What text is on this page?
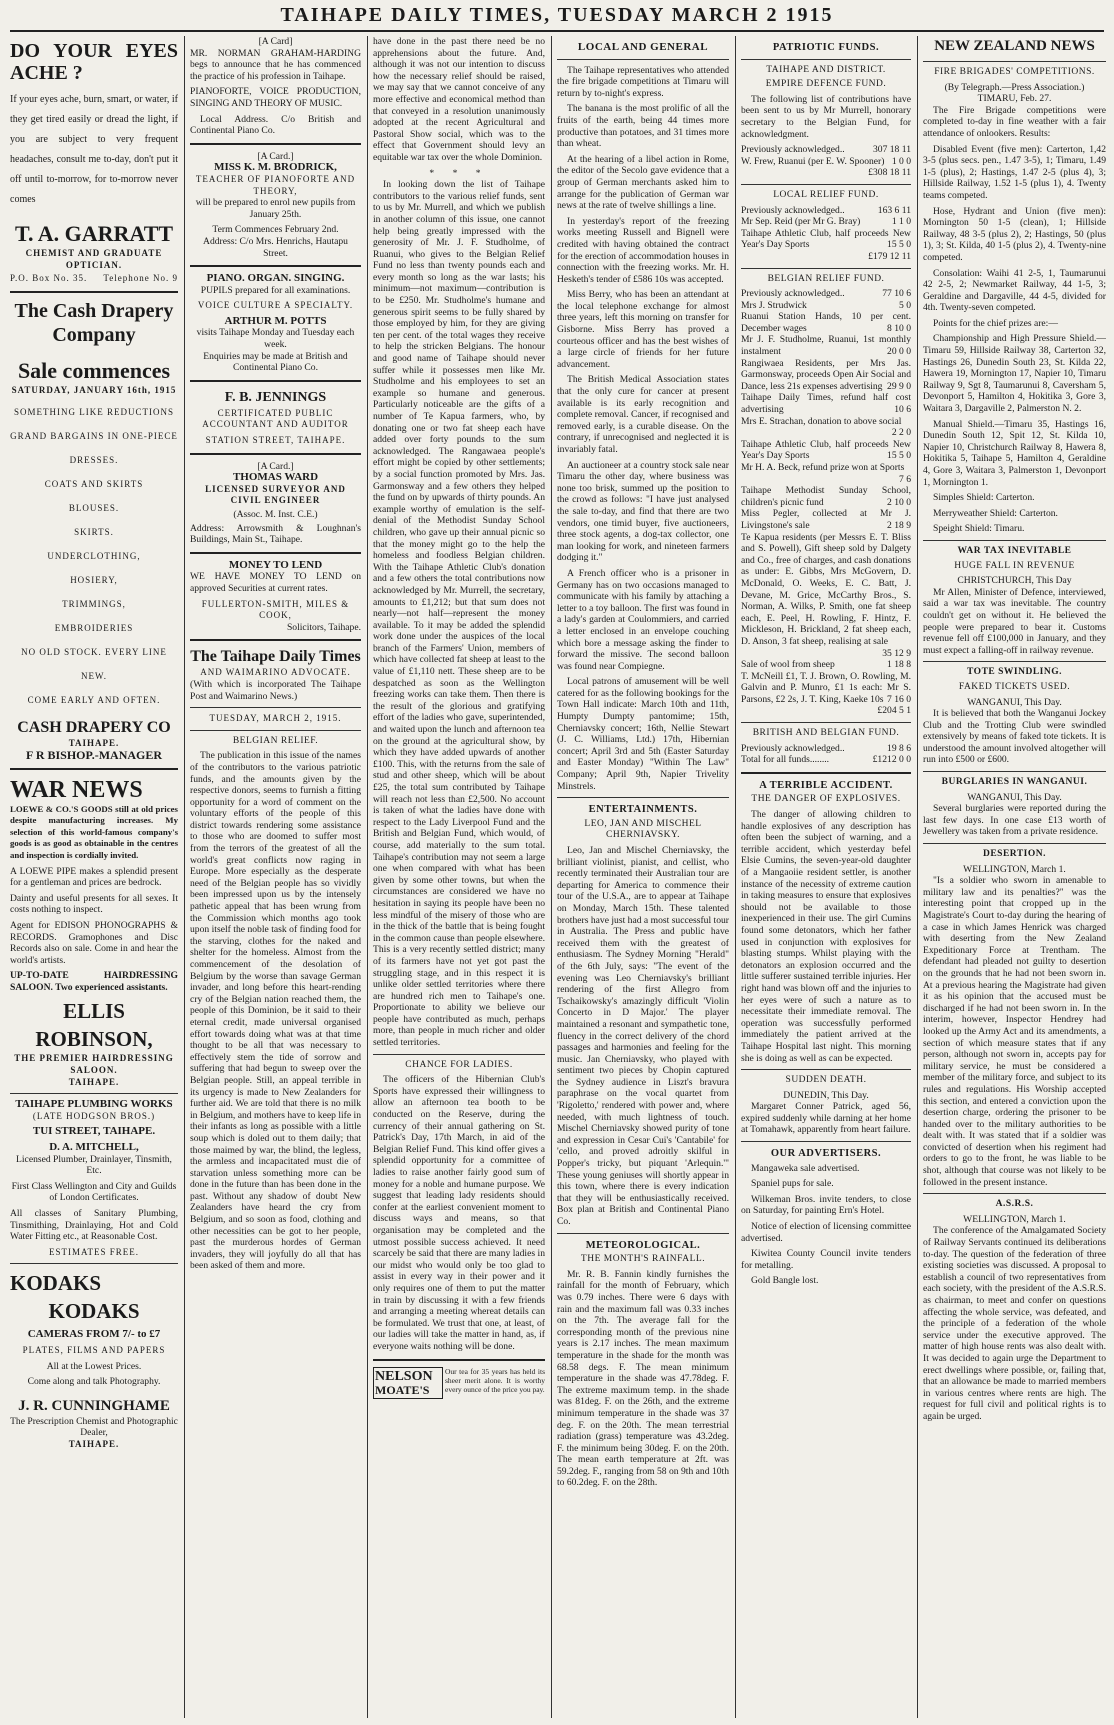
TAIHAPE DAILY TIMES, TUESDAY MARCH 2 1915
DO YOUR EYES ACHE ?
If your eyes ache, burn, smart, or water, if they get tired easily or dread the light, if you are subject to very frequent headaches, consult me to-day, don't put it off until to-morrow, for to-morrow never comes
T. A. GARRATT
CHEMIST AND GRADUATE OPTICIAN.
P.O. Box No. 35. Telephone No. 9
The Cash Drapery Company
Sale commences
SATURDAY, JANUARY 16th, 1915
SOMETHING LIKE REDUCTIONS
GRAND BARGAINS IN ONE-PIECE DRESSES.
COATS AND SKIRTS
BLOUSES.
SKIRTS.
UNDERCLOTHING,
HOSIERY,
TRIMMINGS,
EMBROIDERIES
NO OLD STOCK. EVERY LINE NEW.
COME EARLY AND OFTEN.
CASH DRAPERY CO
TAIHAPE.
F R BISHOP.-MANAGER
WAR NEWS

LOEWE & CO.'S GOODS still at old prices despite manufacturing increases. My selection of this world-famous company's goods is as good as obtainable in the centres and inspection is cordially invited.

A LOEWE PIPE makes a splendid present for a gentleman and prices are bedrock.

Dainty and useful presents for all sexes. It costs nothing to inspect.

Agent for EDISON PHONOGRAPHS & RECORDS. Gramophones and Disc Records also on sale. Come in and hear the world's artists.

UP-TO-DATE HAIRDRESSING SALOON. Two experienced assistants.

ELLIS ROBINSON,
THE PREMIER HAIRDRESSING SALOON.
TAIHAPE.
TAIHAPE PLUMBING WORKS
(LATE HODGSON BROS.)
TUI STREET, TAIHAPE.
D. A. MITCHELL,
Licensed Plumber, Drainlayer, Tinsmith, Etc.

First Class Wellington and City and Guilds of London Certificates.

All classes of Sanitary Plumbing, Tinsmithing, Drainlaying, Hot and Cold Water Fitting etc., at Reasonable Cost.

ESTIMATES FREE.
KODAKS
KODAKS
CAMERAS FROM 7/- to £7
PLATES, FILMS AND PAPERS
All at the Lowest Prices.
Come along and talk Photography.
J. R. CUNNINGHAME
The Prescription Chemist and Photographic Dealer,
TAIHAPE.
[A Card]

MR. NORMAN GRAHAM-HARDING begs to announce that he has commenced the practice of his profession in Taihape.

PIANOFORTE, VOICE PRODUCTION, SINGING AND THEORY OF MUSIC.

Local Address. C/o British and Continental Piano Co.

[A Card.]
MISS K. M. BRODRICK,
TEACHER OF PIANOFORTE AND THEORY,

will be prepared to enrol new pupils from January 25th.

Term Commences February 2nd.

Address: C/o Mrs. Henrichs, Hautapu Street.

PIANO. ORGAN. SINGING.
PUPILS prepared for all examinations.
VOICE CULTURE A SPECIALTY.
ARTHUR M. POTTS
visits Taihape Monday and Tuesday each week.

Enquiries may be made at British and Continental Piano Co.

F. B. JENNINGS
CERTIFICATED PUBLIC ACCOUNTANT AND AUDITOR
STATION STREET, TAIHAPE.
[A Card.]
THOMAS WARD
LICENSED SURVEYOR AND CIVIL ENGINEER
(Assoc. M. Inst. C.E.)

Address: Arrowsmith & Loughnan's Buildings, Main St., Taihape.

MONEY TO LEND

WE HAVE MONEY TO LEND on approved Securities at current rates.

FULLERTON-SMITH, MILES & COOK,
Solicitors, Taihape.
The Taihape Daily Times
AND WAIMARINO ADVOCATE.

(With which is incorporated The Taihape Post and Waimarino News.)

TUESDAY, MARCH 2, 1915.
BELGIAN RELIEF.

The publication in this issue of the names of the contributors to the various patriotic funds, and the amounts given by the respective donors, seems to furnish a fitting opportunity for a word of comment on the voluntary efforts of the people of this district towards rendering some assistance to those who are doomed to suffer most from the terrors of the greatest of all the world's great conflicts now raging in Europe. More especially as the desperate need of the Belgian people has so vividly been impressed upon us by the intensely pathetic appeal that has been wrung from the Commission which months ago took upon itself the noble task of finding food for the starving, clothes for the naked and shelter for the homeless. Almost from the commencement of the desolation of Belgium by the worse than savage German invader, and long before this heart-rending cry of the Belgian nation reached them, the people of this Dominion, be it said to their eternal credit, made universal organised effort towards doing what was at that time thought to be all that was necessary to effectively stem the tide of sorrow and suffering that had begun to sweep over the Belgian people. Still, an appeal terrible in its urgency is made to New Zealanders for further aid. We are told that there is no milk in Belgium, and mothers have to keep life in their infants as long as possible with a little soup which is doled out to them daily; that those maimed by war, the blind, the legless, the armless and incapacitated must die of starvation unless something more can be done in the future than has been done in the past. Without any shadow of doubt New Zealanders have heard the cry from Belgium, and so soon as food, clothing and other necessities can be got to her people, past the murderous hordes of German invaders, they will joyfully do all that has been asked of them and more.

have done in the past there need be no apprehensions about the future. And, although it was not our intention to discuss how the necessary relief should be raised, we may say that we cannot conceive of any more effective and economical method than that conveyed in a resolution unanimously adopted at the recent Agricultural and Pastoral Show social, which was to the effect that Government should levy an equitable war tax over the whole Dominion.

* * *

In looking down the list of Taihape contributors to the various relief funds, sent to us by Mr. Murrell, and which we publish in another column of this issue, one cannot help being greatly impressed with the generosity of Mr. J. F. Studholme, of Ruanui, who gives to the Belgian Relief Fund no less than twenty pounds each and every month so long as the war lasts; his minimum—not maximum—contribution is to be £250. Mr. Studholme's humane and generous spirit seems to be fully shared by those employed by him, for they are giving ten per cent. of the total wages they receive to help the stricken Belgians. The honour and good name of Taihape should never suffer while it possesses men like Mr. Studholme and his employees to set an example so humane and generous. Particularly noticeable are the gifts of a number of Te Kapua farmers, who, by donating one or two fat sheep each have added over forty pounds to the sum acknowledged. The Rangawaea people's effort might be copied by other settlements; by a social function promoted by Mrs. Jas. Garmonsway and a few others they helped the fund on by upwards of thirty pounds. An example worthy of emulation is the self-denial of the Methodist Sunday School children, who gave up their annual picnic so that the money might go to the help the homeless and foodless Belgian children. With the Taihape Athletic Club's donation and a few others the total contributions now acknowledged by Mr. Murrell, the secretary, amounts to £1,212; but that sum does not nearly—not half—represent the money available. To it may be added the splendid work done under the auspices of the local branch of the Farmers' Union, members of which have collected fat sheep at least to the value of £1,110 nett. These sheep are to be despatched as soon as the Wellington freezing works can take them. Then there is the result of the glorious and gratifying effort of the ladies who gave, superintended, and waited upon the lunch and afternoon tea on the ground at the agricultural show, by which they have added upwards of another £100. This, with the returns from the sale of stud and other sheep, which will be about £25, the total sum contributed by Taihape will reach not less than £2,500. No account is taken of what the ladies have done with respect to the Lady Liverpool Fund and the British and Belgian Fund, which would, of course, add materially to the sum total. Taihape's contribution may not seem a large one when compared with what has been given by some other towns, but when the circumstances are considered we have no hesitation in saying its people have been no less mindful of the misery of those who are in the thick of the battle that is being fought in the common cause than people elsewhere. This is a very recently settled district; many of its farmers have not yet got past the struggling stage, and in this respect it is unlike older settled territories where there are hundred rich men to Taihape's one. Proportionate to ability we believe our people have contributed as much, perhaps more, than people in much richer and older settled territories.

CHANCE FOR LADIES.

The officers of the Hibernian Club's Sports have expressed their willingness to allow an afternoon tea booth to be conducted on the Reserve, during the currency of their annual gathering on St. Patrick's Day, 17th March, in aid of the Belgian Relief Fund. This kind offer gives a splendid opportunity for a committee of ladies to raise another fairly good sum of money for a noble and humane purpose. We suggest that leading lady residents should confer at the earliest convenient moment to discuss ways and means, so that organisation may be completed and the utmost possible success achieved. It need scarcely be said that there are many ladies in our midst who would only be too glad to assist in every way in their power and it only requires one of them to put the matter in train by discussing it with a few friends and arranging a meeting whereat details can be formulated. We trust that one, at least, of our ladies will take the matter in hand, as, if everyone waits nothing will be done.

NELSON
MOATE'S
Our tea for 35 years has held its sheer merit alone. It is worthy every ounce of the price you pay.
LOCAL AND GENERAL

The Taihape representatives who attended the fire brigade competitions at Timaru will return by to-night's express.

The banana is the most prolific of all the fruits of the earth, being 44 times more productive than potatoes, and 31 times more than wheat.

At the hearing of a libel action in Rome, the editor of the Secolo gave evidence that a group of German merchants asked him to arrange for the publication of German war news at the rate of twelve shillings a line.

In yesterday's report of the freezing works meeting Russell and Bignell were credited with having obtained the contract for the erection of accommodation houses in connection with the freezing works. Mr. H. Hesketh's tender of £586 10s was accepted.

Miss Berry, who has been an attendant at the local telephone exchange for almost three years, left this morning on transfer for Gisborne. Miss Berry has proved a courteous officer and has the best wishes of a large circle of friends for her future advancement.

The British Medical Association states that the only cure for cancer at present available is its early recognition and complete removal. Cancer, if recognised and removed early, is a curable disease. On the contrary, if unrecognised and neglected it is invariably fatal.

An auctioneer at a country stock sale near Timaru the other day, where business was none too brisk, summed up the position to the crowd as follows: "I have just analysed the sale to-day, and find that there are two vendors, one timid buyer, five auctioneers, three stock agents, a dog-tax collector, one man looking for work, and nineteen farmers dodging it."

A French officer who is a prisoner in Germany has on two occasions managed to communicate with his family by attaching a letter to a toy balloon. The first was found in a lady's garden at Coulommiers, and carried a letter enclosed in an envelope couching which bore a message asking the finder to forward the missive. The second balloon was found near Compiegne.

Local patrons of amusement will be well catered for as the following bookings for the Town Hall indicate: March 10th and 11th, Humpty Dumpty pantomime; 15th, Cherniavsky concert; 16th, Nellie Stewart (J. C. Williams, Ltd.) 17th, Hibernian concert; April 3rd and 5th (Easter Saturday and Easter Monday) "Within The Law" Company; April 9th, Napier Trivelity Minstrels.

ENTERTAINMENTS.
LEO, JAN AND MISCHEL CHERNIAVSKY.

Leo, Jan and Mischel Cherniavsky, the brilliant violinist, pianist, and cellist, who recently terminated their Australian tour are departing for America to commence their tour of the U.S.A., are to appear at Taihape on Monday, March 15th. These talented brothers have just had a most successful tour in Australia. The Press and public have received them with the greatest of enthusiasm. The Sydney Morning "Herald" of the 6th July, says: "The event of the evening was Leo Cherniavsky's brilliant rendering of the first Allegro from Tschaikowsky's amazingly difficult 'Violin Concerto in D Major.' The player maintained a resonant and sympathetic tone, fluency in the correct delivery of the chord passages and harmonies and feeling for the music. Jan Cherniavsky, who played with sentiment two pieces by Chopin captured the Sydney audience in Liszt's bravura paraphrase on the vocal quartet from 'Rigoletto,' rendered with power and, where needed, with much lightness of touch. Mischel Cherniavsky showed purity of tone and expression in Cesar Cui's 'Cantabile' for 'cello, and proved adroitly skilful in Popper's tricky, but piquant 'Arlequin.'" These young geniuses will shortly appear in this town, where there is every indication that they will be enthusiastically received. Box plan at British and Continental Piano Co.

METEOROLOGICAL.
THE MONTH'S RAINFALL.

Mr. R. B. Fannin kindly furnishes the rainfall for the month of February, which was 0.79 inches. There were 6 days with rain and the maximum fall was 0.33 inches on the 7th. The average fall for the corresponding month of the previous nine years is 2.17 inches. The mean maximum temperature in the shade for the month was 68.58 degs. F. The mean minimum temperature in the shade was 47.78deg. F. The extreme maximum temp. in the shade was 81deg. F. on the 26th, and the extreme minimum temperature in the shade was 37 deg. F. on the 20th. The mean terrestrial radiation (grass) temperature was 43.2deg. F. the minimum being 30deg. F. on the 20th. The mean earth temperature at 2ft. was 59.2deg. F., ranging from 58 on 9th and 10th to 60.2deg. F. on the 28th.

PATRIOTIC FUNDS.
TAIHAPE AND DISTRICT.
EMPIRE DEFENCE FUND.

The following list of contributions have been sent to us by Mr Murrell, honorary secretary to the Belgian Fund, for acknowledgment.

Previously acknowledged..	307 18 11
W. Frew, Ruanui (per E. W. Spooner) 1 0 0
£308 18 11
LOCAL RELIEF FUND.
Previously acknowledged..	163 6 11
Mr Sep. Reid (per Mr G. Bray)	1 1 0
Taihape Athletic Club, half proceeds New Year's Day Sports	15 5 0
£179 12 11
BELGIAN RELIEF FUND.
Previously acknowledged..	77 10 6
Mrs J. Strudwick	5 0
Ruanui Station Hands, 10 per cent. December wages	8 10 0
Mr J. F. Studholme, Ruanui, 1st monthly instalment	20 0 0
Rangiwaea Residents, per Mrs Jas. Garmonsway, proceeds Open Air Social and Dance, less 21s expenses advertising 29 9 0
Taihape Daily Times, refund half cost advertising	10 6
Mrs E. Strachan, donation to above social
2 2 0
Taihape Athletic Club, half proceeds New Year's Day Sports	15 5 0
Mr H. A. Beck, refund prize won at Sports
7 6
Taihape Methodist Sunday School, children's picnic fund	2 10 0
Miss Pegler, collected at Mr J. Livingstone's sale	2 18 9
Te Kapua residents (per Messrs E. T. Bliss and S. Powell), Gift sheep sold by Dalgety and Co., free of charges, and cash donations as under: E. Gibbs, Mrs McGovern, D. McDonald, O. Weeks, E. C. Batt, J. Devane, M. Grice, McCarthy Bros., S. Norman, A. Wilks, P. Smith, one fat sheep each, E. Peel, H. Rowling, F. Hintz, F. Mickleson, H. Brickland, 2 fat sheep each, D. Anson, 3 fat sheep, realising at sale
35 12 9
Sale of wool from sheep	1 18 8
T. McNeill £1, T. J. Brown, O. Rowling, M. Galvin and P. Munro, £1 1s each: Mr S. Parsons, £2 2s, J. T. King, Kaeke 10s 7 16 0
£204 5 1
BRITISH AND BELGIAN FUND.
Previously acknowledged..	19 8 6
Total for all funds........	£1212 0 0
A TERRIBLE ACCIDENT.
THE DANGER OF EXPLOSIVES.

The danger of allowing children to handle explosives of any description has often been the subject of warning, and a terrible accident, which yesterday befel Elsie Cumins, the seven-year-old daughter of a Mangaoiie resident settler, is another instance of the necessity of extreme caution in taking measures to ensure that explosives should not be available to those inexperienced in their use. The girl Cumins found some detonators, which her father used in conjunction with explosives for blasting stumps. Whilst playing with the detonators an explosion occurred and the little sufferer sustained terrible injuries. Her right hand was blown off and the injuries to her eyes were of such a nature as to necessitate their immediate removal. The operation was successfully performed immediately the patient arrived at the Taihape Hospital last night. This morning she is doing as well as can be expected.

SUDDEN DEATH.
DUNEDIN, This Day.

Margaret Conner Patrick, aged 56, expired suddenly while darning at her home at Tomahawk, apparently from heart failure.

OUR ADVERTISERS.

Mangaweka sale advertised.

Spaniel pups for sale.

Wilkeman Bros. invite tenders, to close on Saturday, for painting Ern's Hotel.

Notice of election of licensing committee advertised.

Kiwitea County Council invite tenders for metalling.

Gold Bangle lost.

NEW ZEALAND NEWS
FIRE BRIGADES' COMPETITIONS.
(By Telegraph.—Press Association.)
TIMARU, Feb. 27.

The Fire Brigade competitions were completed to-day in fine weather with a fair attendance of onlookers. Results:

Disabled Event (five men): Carterton, 1,42 3-5 (plus secs. pen., 1.47 3-5), 1; Timaru, 1.49 1-5 (plus), 2; Hastings, 1.47 2-5 (plus 4), 3; Hillside Railway, 1.52 1-5 (plus 1), 4. Twenty teams competed.

Hose, Hydrant and Union (five men): Mornington 50 1-5 (clean), 1; Hillside Railway, 48 3-5 (plus 2), 2; Hastings, 50 (plus 1), 3; St. Kilda, 40 1-5 (plus 2), 4. Twenty-nine competed.

Consolation: Waihi 41 2-5, 1, Taumarunui 42 2-5, 2; Newmarket Railway, 44 1-5, 3; Geraldine and Dargaville, 44 4-5, divided for 4th. Twenty-seven competed.

Points for the chief prizes are:—

Championship and High Pressure Shield.—Timaru 59, Hillside Railway 38, Carterton 32, Hastings 26, Dunedin South 23, St. Kilda 22, Hawera 19, Mornington 17, Napier 10, Timaru Railway 9, Sgt 8, Taumarunui 8, Caversham 5, Devonport 5, Hamilton 4, Hokitika 3, Gore 3, Waitara 3, Dargaville 2, Palmerston N. 2.

Manual Shield.—Timaru 35, Hastings 16, Dunedin South 12, Spit 12, St. Kilda 10, Napier 10, Christchurch Railway 8, Hawera 8, Hokitika 5, Taihape 5, Hamilton 4, Geraldine 4, Gore 3, Waitara 3, Palmerston 1, Devonport 1, Mornington 1.

Simples Shield: Carterton.

Merryweather Shield: Carterton.

Speight Shield: Timaru.

WAR TAX INEVITABLE
HUGE FALL IN REVENUE
CHRISTCHURCH, This Day

Mr Allen, Minister of Defence, interviewed, said a war tax was inevitable. The country couldn't get on without it. He believed the people were prepared to bear it. Customs revenue fell off £100,000 in January, and they must expect a falling-off in railway revenue.

TOTE SWINDLING.
FAKED TICKETS USED.
WANGANUI, This Day.

It is believed that both the Wanganui Jockey Club and the Trotting Club were swindled extensively by means of faked tote tickets. It is understood the amount involved altogether will run into £500 or £600.

BURGLARIES IN WANGANUI.
WANGANUI, This Day.

Several burglaries were reported during the last few days. In one case £13 worth of Jewellery was taken from a private residence.

DESERTION.
WELLINGTON, March 1.

"Is a soldier who sworn in amenable to military law and its penalties?" was the interesting point that cropped up in the Magistrate's Court to-day during the hearing of a case in which James Henrick was charged with deserting from the New Zealand Expeditionary Force at Trentham. The defendant had pleaded not guilty to desertion on the grounds that he had not been sworn in. At a previous hearing the Magistrate had given it as his opinion that the accused must be discharged if he had not been sworn in. In the interim, however, Inspector Hendrey had looked up the Army Act and its amendments, a section of which measure states that if any person, although not sworn in, accepts pay for military service, he must be considered a member of the military force, and subject to its rules and regulations. His Worship accepted this section, and entered a conviction upon the desertion charge, ordering the prisoner to be handed over to the military authorities to be dealt with. It was stated that if a soldier was convicted of desertion when his regiment had orders to go to the front, he was liable to be shot, although that course was not likely to be followed in the present instance.

A.S.R.S.
WELLINGTON, March 1.

The conference of the Amalgamated Society of Railway Servants continued its deliberations to-day. The question of the federation of three existing societies was discussed. A proposal to establish a council of two representatives from each society, with the president of the A.S.R.S. as chairman, to meet and confer on questions affecting the whole service, was defeated, and the principle of a federation of the whole service under the executive approved. The matter of high house rents was also dealt with. It was decided to again urge the Department to erect dwellings where possible, or, failing that, that an allowance be made to married members in various centres where rents are high. The request for full civil and political rights is to again be urged.
